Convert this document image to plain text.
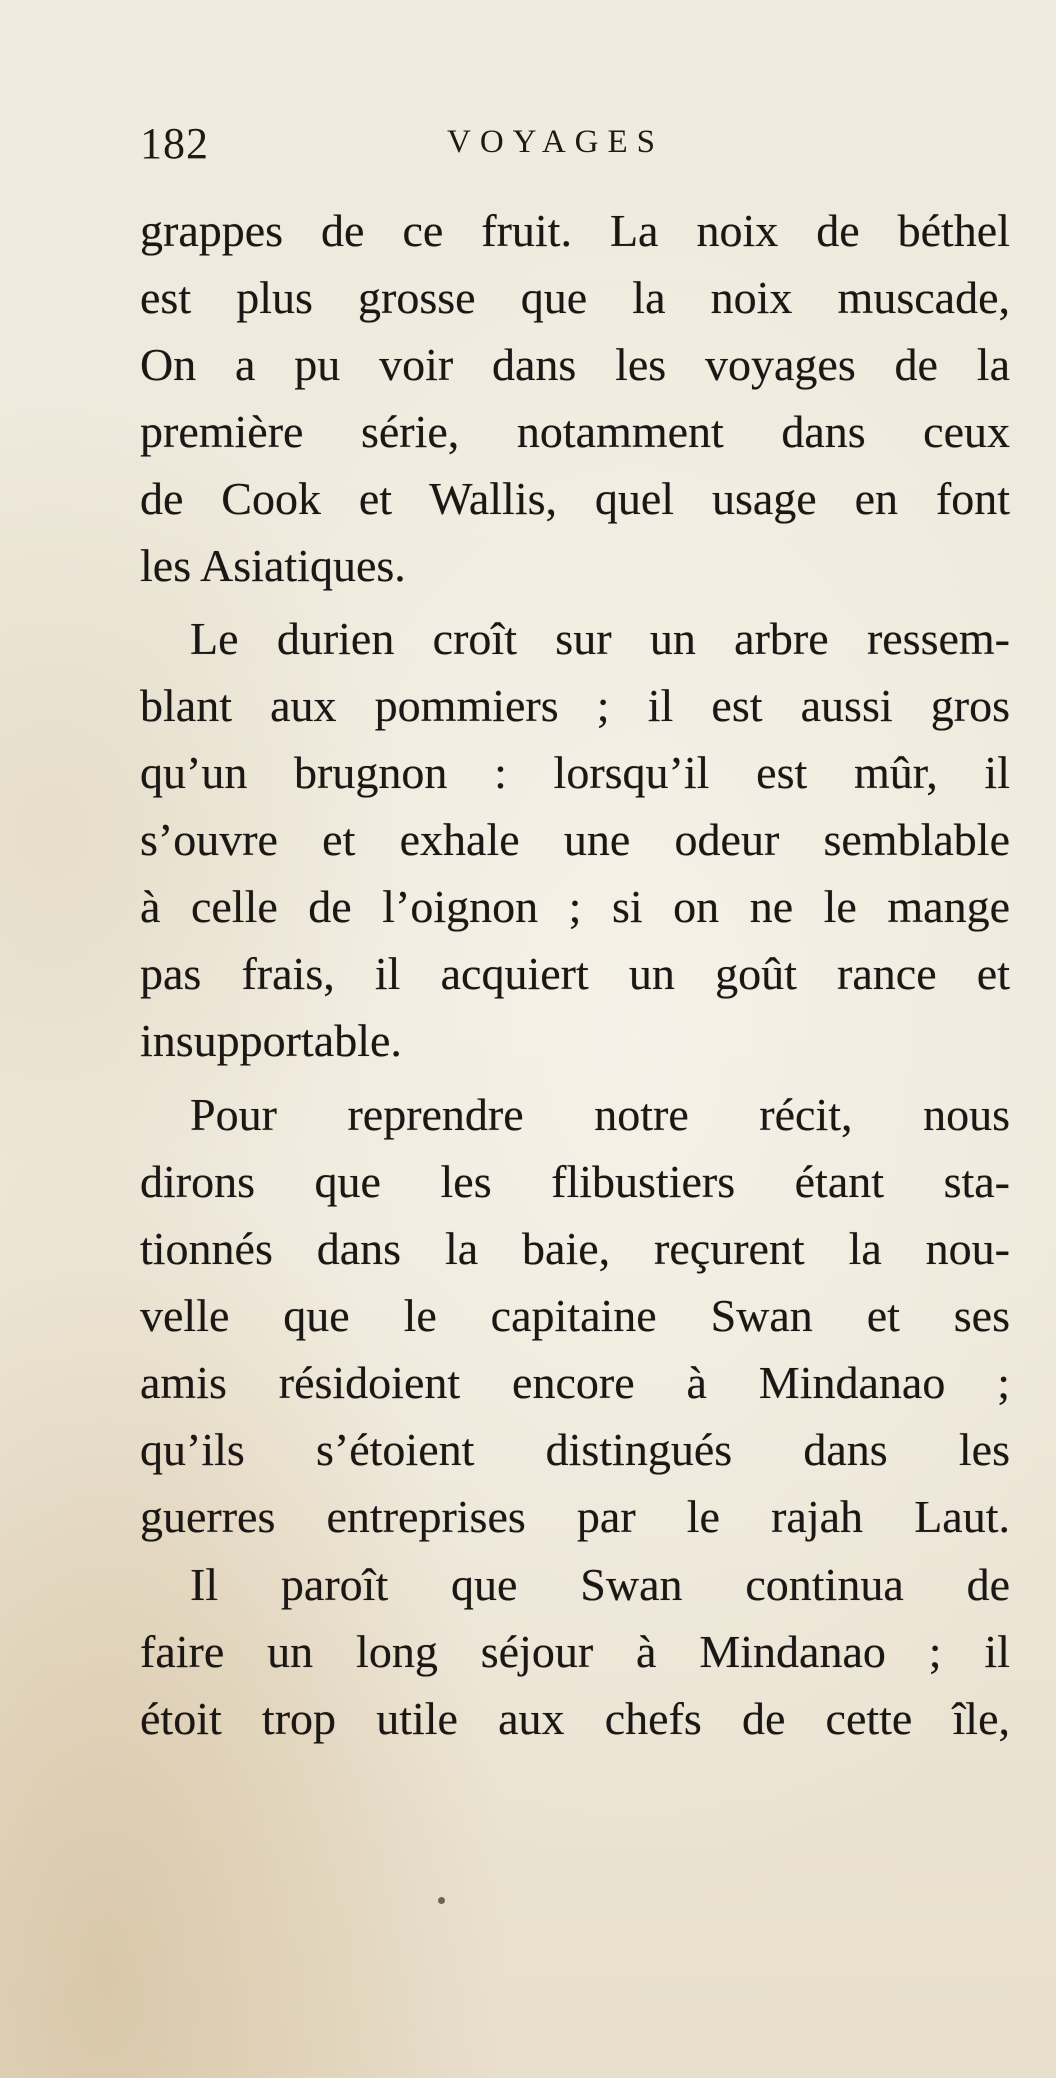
182	VOYAGES
grappes de ce fruit. La noix de béthel
est plus grosse que la noix muscade,
On a pu voir dans les voyages de la
première série, notamment dans ceux
de Cook et Wallis, quel usage en font
les Asiatiques.
Le durien croît sur un arbre ressem-
blant aux pommiers ; il est aussi gros
qu’un brugnon : lorsqu’il est mûr, il
s’ouvre et exhale une odeur semblable
à celle de l’oignon ; si on ne le mange
pas frais, il acquiert un goût rance et
insupportable.
Pour reprendre notre récit, nous
dirons que les flibustiers étant sta-
tionnés dans la baie, reçurent la nou-
velle que le capitaine Swan et ses
amis résidoient encore à Mindanao ;
qu’ils s’étoient distingués dans les
guerres entreprises par le rajah Laut.
Il paroît que Swan continua de
faire un long séjour à Mindanao ; il
étoit trop utile aux chefs de cette île,
